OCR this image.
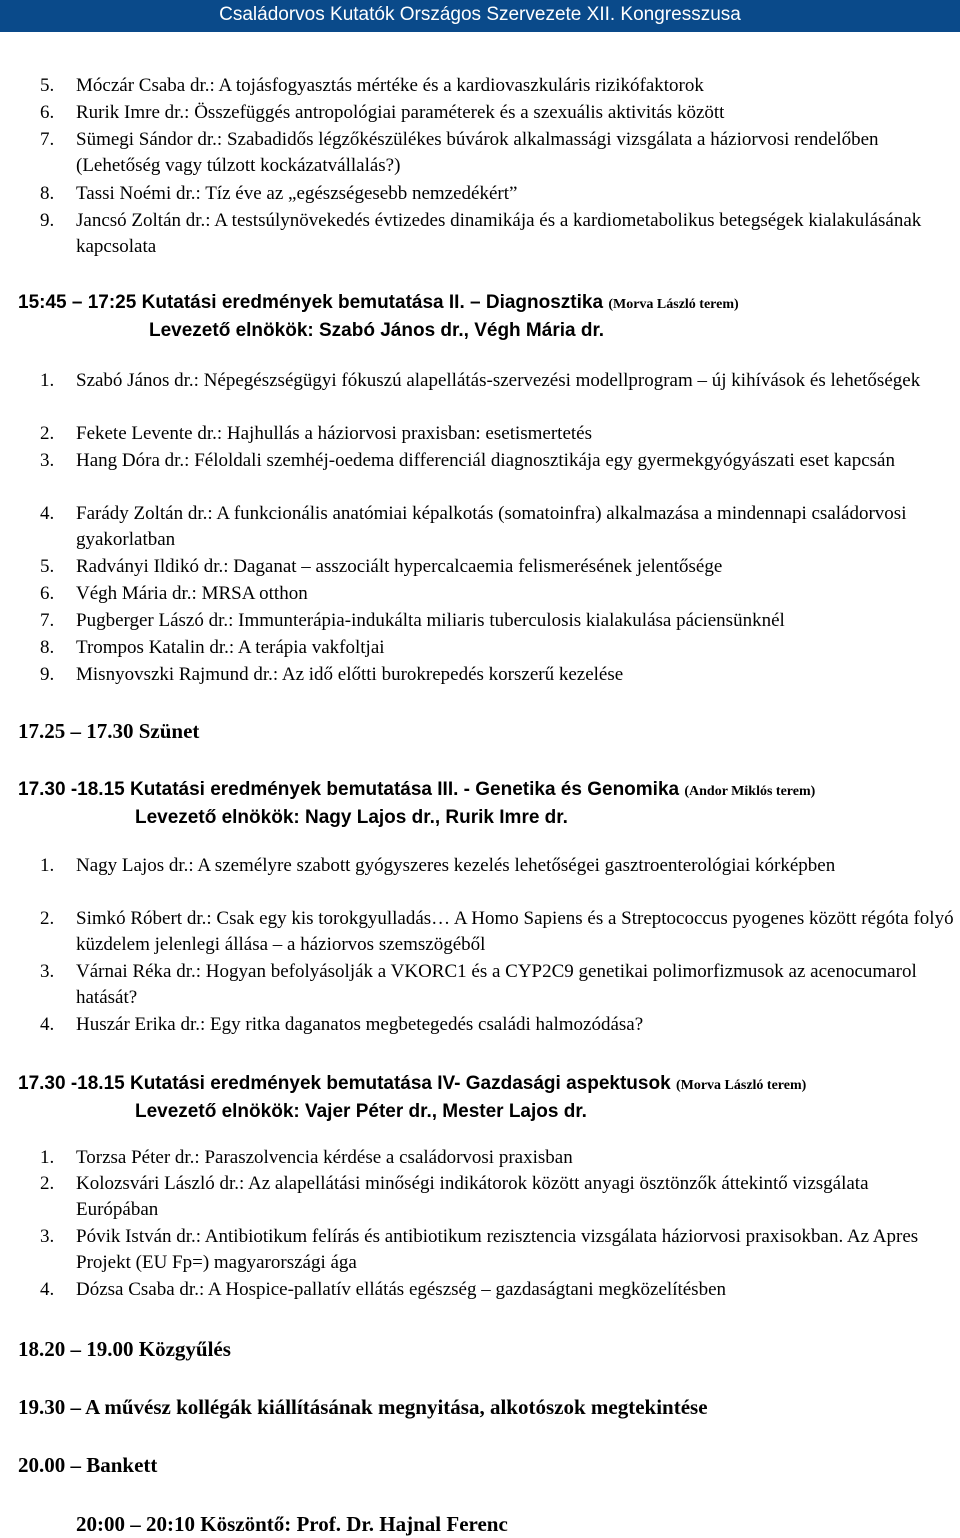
Családorvos Kutatók Országos Szervezete XII. Kongresszusa
5.	Móczár Csaba dr.: A tojásfogyasztás mértéke és a kardiovaszkuláris rizikófaktorok
6.	Rurik Imre dr.: Összefüggés antropológiai paraméterek és a szexuális aktivitás között
7.	Sümegi Sándor dr.: Szabadidős légzőkészülékes búvárok alkalmassági vizsgálata a háziorvosi rendelőben (Lehetőség vagy túlzott kockázatvállalás?)
8.	Tassi Noémi dr.: Tíz éve az „egészségesebb nemzedékért”
9.	Jancsó Zoltán dr.: A testsúlynövekedés évtizedes dinamikája és a kardiometabolikus betegségek kialakulásának kapcsolata
15:45 – 17:25 Kutatási eredmények bemutatása II. – Diagnosztika (Morva László terem)
Levezető elnökök: Szabó János dr., Végh Mária dr.
1.	Szabó János dr.: Népegészségügyi fókuszú alapellátás-szervezési modellprogram – új kihívások és lehetőségek
2.	Fekete Levente dr.: Hajhullás a háziorvosi praxisban: esetismertetés
3.	Hang Dóra dr.: Féloldali szemhéj-oedema differenciál diagnosztikája egy gyermekgyógyászati eset kapcsán
4.	Farády Zoltán dr.: A funkcionális anatómiai képalkotás (somatoinfra) alkalmazása a mindennapi családorvosi gyakorlatban
5.	Radványi Ildikó dr.: Daganat – asszociált hypercalcaemia felismerésének jelentősége
6.	Végh Mária dr.: MRSA otthon
7.	Pugberger Lászó dr.: Immunterápia-indukálta miliaris tuberculosis kialakulása páciensünknél
8.	Trompos Katalin dr.: A terápia vakfoltjai
9.	Misnyovszki Rajmund dr.: Az idő előtti burokrepedés korszerű kezelése
17.25 – 17.30 Szünet
17.30 -18.15 Kutatási eredmények bemutatása III. - Genetika és Genomika (Andor Miklós terem)
Levezető elnökök: Nagy Lajos dr., Rurik Imre dr.
1.	Nagy Lajos dr.: A személyre szabott gyógyszeres kezelés lehetőségei gasztroenterológiai kórképben
2.	Simkó Róbert dr.: Csak egy kis torokgyulladás… A Homo Sapiens és a Streptococcus pyogenes között régóta folyó küzdelem jelenlegi állása – a háziorvos szemszögéből
3.	Várnai Réka dr.: Hogyan befolyásolják a VKORC1 és a CYP2C9 genetikai polimorfizmusok az acenocumarol hatását?
4.	Huszár Erika dr.: Egy ritka daganatos megbetegedés családi halmozódása?
17.30 -18.15 Kutatási eredmények bemutatása IV- Gazdasági aspektusok (Morva László terem)
Levezető elnökök: Vajer Péter dr., Mester Lajos dr.
1.	Torzsa Péter dr.: Paraszolvencia kérdése a családorvosi praxisban
2.	Kolozsvári László dr.: Az alapellátási minőségi indikátorok között anyagi ösztönzők áttekintő vizsgálata Európában
3.	Póvik István dr.: Antibiotikum felírás és antibiotikum rezisztencia vizsgálata háziorvosi praxisokban. Az Apres Projekt (EU Fp=) magyarországi ága
4.	Dózsa Csaba dr.: A Hospice-pallatív ellátás egészség – gazdaságtani megközelítésben
18.20 – 19.00 Közgyűlés
19.30 – A művész kollégák kiállításának megnyitása, alkotószok megtekintése
20.00 – Bankett
20:00 – 20:10 Köszöntő: Prof. Dr. Hajnal Ferenc
